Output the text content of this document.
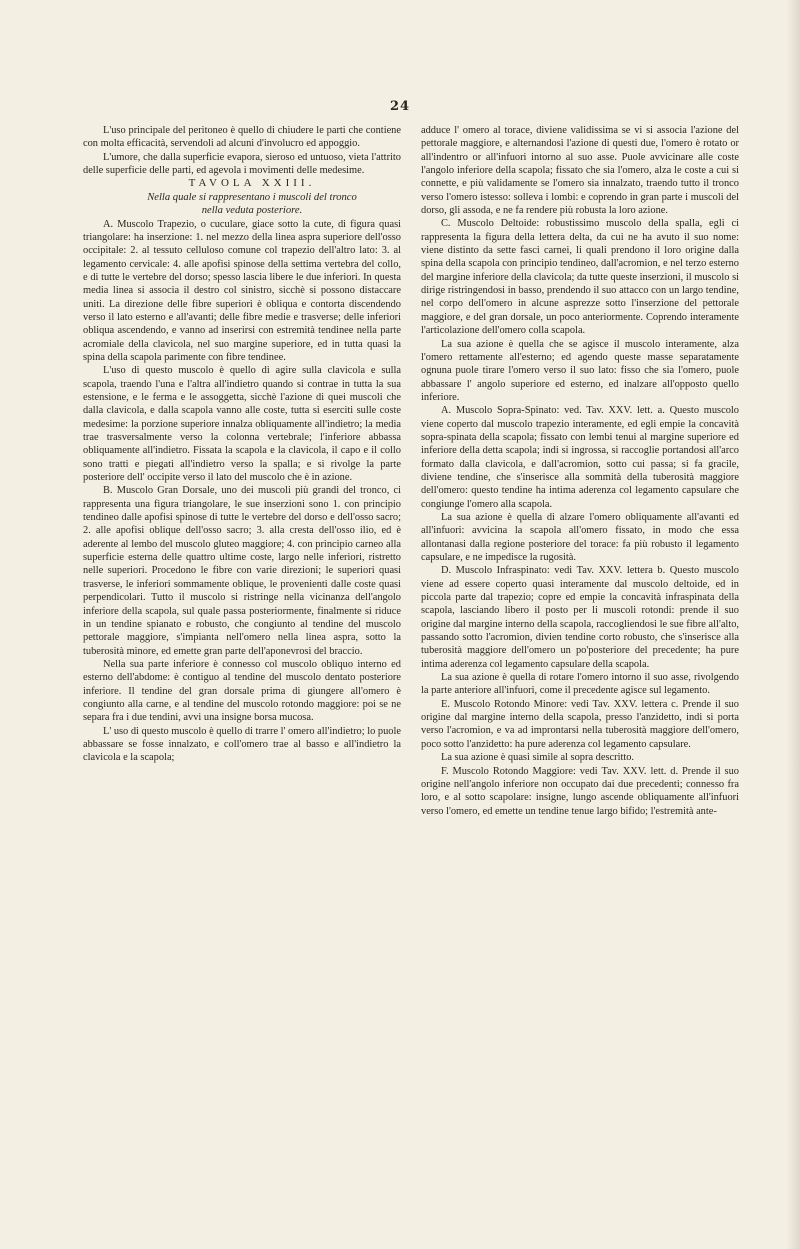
24

L'uso principale del peritoneo è quello di chiudere le parti che contiene con molta efficacità, servendoli ad alcuni d'involucro ed appoggio.

L'umore, che dalla superficie evapora, sieroso ed untuoso, vieta l'attrito delle superficie delle parti, ed agevola i movimenti delle medesime.

TAVOLA XXIII.

Nella quale si rappresentano i muscoli del tronco
nella veduta posteriore.

A. Muscolo Trapezio, o cuculare, giace sotto la cute, di figura quasi triangolare: ha inserzione: 1. nel mezzo della linea aspra superiore dell'osso occipitale: 2. al tessuto celluloso comune col trapezio dell'altro lato: 3. al legamento cervicale: 4. alle apofisi spinose della settima vertebra del collo, e di tutte le vertebre del dorso; spesso lascia libere le due inferiori. In questa media linea si associa il destro col sinistro, sicchè si possono distaccare uniti. La direzione delle fibre superiori è obliqua e contorta discendendo verso il lato esterno e all'avanti; delle fibre medie e trasverse; delle inferiori obliqua ascendendo, e vanno ad inserirsi con estremità tendinee nella parte acromiale della clavicola, nel suo margine superiore, ed in tutta quasi la spina della scapola parimente con fibre tendinee.

L'uso di questo muscolo è quello di agire sulla clavicola e sulla scapola, traendo l'una e l'altra all'indietro quando si contrae in tutta la sua estensione, e le ferma e le assoggetta, sicchè l'azione di quei muscoli che dalla clavicola, e dalla scapola vanno alle coste, tutta si eserciti sulle coste medesime: la porzione superiore innalza obliquamente all'indietro; la media trae trasversalmente verso la colonna vertebrale; l'inferiore abbassa obliquamente all'indietro. Fissata la scapola e la clavicola, il capo e il collo sono tratti e piegati all'indietro verso la spalla; e si rivolge la parte posteriore dell' occipite verso il lato del muscolo che è in azione.

B. Muscolo Gran Dorsale, uno dei muscoli più grandi del tronco, ci rappresenta una figura triangolare, le sue inserzioni sono 1. con principio tendineo dalle apofisi spinose di tutte le vertebre del dorso e dell'osso sacro; 2. alle apofisi oblique dell'osso sacro; 3. alla cresta dell'osso ilio, ed è aderente al lembo del muscolo gluteo maggiore; 4. con principio carneo alla superficie esterna delle quattro ultime coste, largo nelle inferiori, ristretto nelle superiori. Procedono le fibre con varie direzioni; le superiori quasi trasverse, le inferiori sommamente oblique, le provenienti dalle coste quasi perpendicolari. Tutto il muscolo si ristringe nella vicinanza dell'angolo inferiore della scapola, sul quale passa posteriormente, finalmente si riduce in un tendine spianato e robusto, che congiunto al tendine del muscolo pettorale maggiore, s'impianta nell'omero nella linea aspra, sotto la tuberosità minore, ed emette gran parte dell'aponevrosi del braccio.

Nella sua parte inferiore è connesso col muscolo obliquo interno ed esterno dell'abdome: è contiguo al tendine del muscolo dentato posteriore inferiore. Il tendine del gran dorsale prima di giungere all'omero è congiunto alla carne, e al tendine del muscolo rotondo maggiore: poi se ne separa fra i due tendini, avvi una insigne borsa mucosa.

L' uso di questo muscolo è quello di trarre l' omero all'indietro; lo puole abbassare se fosse innalzato, e coll'omero trae al basso e all'indietro la clavicola e la scapola;

adduce l' omero al torace, diviene validissima se vi si associa l'azione del pettorale maggiore, e alternandosi l'azione di questi due, l'omero è rotato or all'indentro or all'infuori intorno al suo asse. Puole avvicinare alle coste l'angolo inferiore della scapola; fissato che sia l'omero, alza le coste a cui si connette, e più validamente se l'omero sia innalzato, traendo tutto il tronco verso l'omero istesso: solleva i lombi: e coprendo in gran parte i muscoli del dorso, gli assoda, e ne fa rendere più robusta la loro azione.

C. Muscolo Deltoide: robustissimo muscolo della spalla, egli ci rappresenta la figura della lettera delta, da cui ne ha avuto il suo nome: viene distinto da sette fasci carnei, li quali prendono il loro origine dalla spina della scapola con principio tendineo, dall'acromion, e nel terzo esterno del margine inferiore della clavicola; da tutte queste inserzioni, il muscolo si dirige ristringendosi in basso, prendendo il suo attacco con un largo tendine, nel corpo dell'omero in alcune asprezze sotto l'inserzione del pettorale maggiore, e del gran dorsale, un poco anteriormente. Coprendo interamente l'articolazione dell'omero colla scapola.

La sua azione è quella che se agisce il muscolo interamente, alza l'omero rettamente all'esterno; ed agendo queste masse separatamente ognuna puole tirare l'omero verso il suo lato: fisso che sia l'omero, puole abbassare l' angolo superiore ed esterno, ed inalzare all'opposto quello inferiore.

A. Muscolo Sopra-Spinato: ved. Tav. XXV. lett. a. Questo muscolo viene coperto dal muscolo trapezio interamente, ed egli empie la concavità sopra-spinata della scapola; fissato con lembi tenui al margine superiore ed inferiore della detta scapola; indi si ingrossa, si raccoglie portandosi all'arco formato dalla clavicola, e dall'acromion, sotto cui passa; si fa gracile, diviene tendine, che s'inserisce alla sommità della tuberosità maggiore dell'omero: questo tendine ha intima aderenza col legamento capsulare che congiunge l'omero alla scapola.

La sua azione è quella di alzare l'omero obliquamente all'avanti ed all'infuori: avvicina la scapola all'omero fissato, in modo che essa allontanasi dalla regione posteriore del torace: fa più robusto il legamento capsulare, e ne impedisce la rugosità.

D. Muscolo Infraspinato: vedi Tav. XXV. lettera b. Questo muscolo viene ad essere coperto quasi interamente dal muscolo deltoide, ed in piccola parte dal trapezio; copre ed empie la concavità infraspinata della scapola, lasciando libero il posto per li muscoli rotondi: prende il suo origine dal margine interno della scapola, raccogliendosi le sue fibre all'alto, passando sotto l'acromion, divien tendine corto robusto, che s'inserisce alla tuberosità maggiore dell'omero un po'posteriore del precedente; ha pure intima aderenza col legamento capsulare della scapola.

La sua azione è quella di rotare l'omero intorno il suo asse, rivolgendo la parte anteriore all'infuori, come il precedente agisce sul legamento.

E. Muscolo Rotondo Minore: vedi Tav. XXV. lettera c. Prende il suo origine dal margine interno della scapola, presso l'anzidetto, indi si porta verso l'acromion, e va ad improntarsi nella tuberosità maggiore dell'omero, poco sotto l'anzidetto: ha pure aderenza col legamento capsulare.

La sua azione è quasi simile al sopra descritto.

F. Muscolo Rotondo Maggiore: vedi Tav. XXV. lett. d. Prende il suo origine nell'angolo inferiore non occupato dai due precedenti; connesso fra loro, e al sotto scapolare: insigne, lungo ascende obliquamente all'infuori verso l'omero, ed emette un tendine tenue largo bifido; l'estremità ante-
